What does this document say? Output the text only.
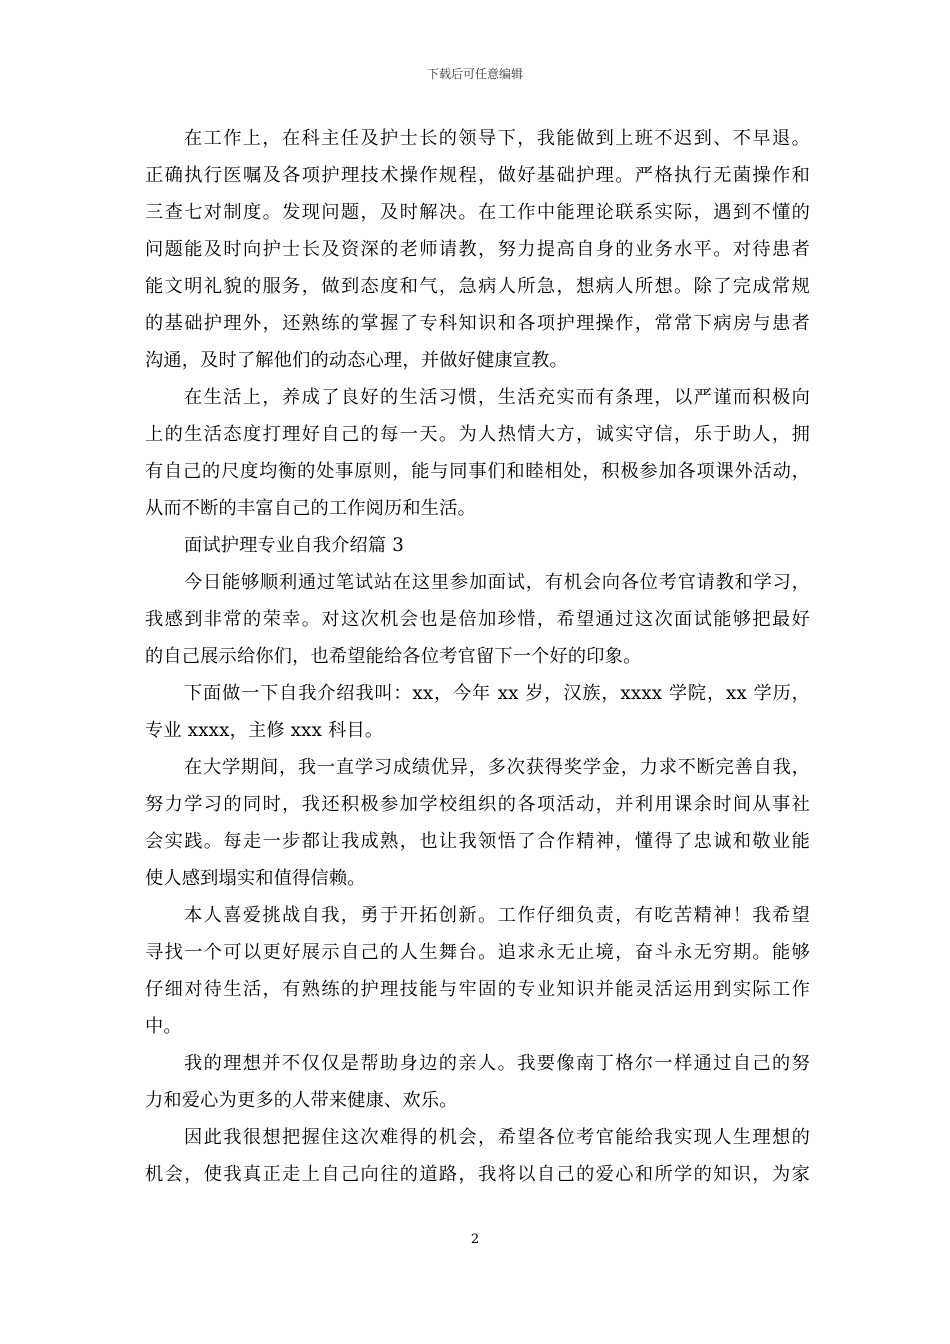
下载后可任意编辑
在工作上，在科主任及护士长的领导下，我能做到上班不迟到、不早退。
正确执行医嘱及各项护理技术操作规程，做好基础护理。严格执行无菌操作和
三查七对制度。发现问题，及时解决。在工作中能理论联系实际，遇到不懂的
问题能及时向护士长及资深的老师请教，努力提高自身的业务水平。对待患者
能文明礼貌的服务，做到态度和气，急病人所急，想病人所想。除了完成常规
的基础护理外，还熟练的掌握了专科知识和各项护理操作，常常下病房与患者
沟通，及时了解他们的动态心理，并做好健康宣教。
在生活上，养成了良好的生活习惯，生活充实而有条理，以严谨而积极向
上的生活态度打理好自己的每一天。为人热情大方，诚实守信，乐于助人，拥
有自己的尺度均衡的处事原则，能与同事们和睦相处，积极参加各项课外活动，
从而不断的丰富自己的工作阅历和生活。
面试护理专业自我介绍篇 3
今日能够顺利通过笔试站在这里参加面试，有机会向各位考官请教和学习，
我感到非常的荣幸。对这次机会也是倍加珍惜，希望通过这次面试能够把最好
的自己展示给你们，也希望能给各位考官留下一个好的印象。
下面做一下自我介绍我叫：xx，今年 xx 岁，汉族，xxxx 学院，xx 学历，
专业 xxxx，主修 xxx 科目。
在大学期间，我一直学习成绩优异，多次获得奖学金，力求不断完善自我，
努力学习的同时，我还积极参加学校组织的各项活动，并利用课余时间从事社
会实践。每走一步都让我成熟，也让我领悟了合作精神，懂得了忠诚和敬业能
使人感到塌实和值得信赖。
本人喜爱挑战自我，勇于开拓创新。工作仔细负责，有吃苦精神！我希望
寻找一个可以更好展示自己的人生舞台。追求永无止境，奋斗永无穷期。能够
仔细对待生活，有熟练的护理技能与牢固的专业知识并能灵活运用到实际工作
中。
我的理想并不仅仅是帮助身边的亲人。我要像南丁格尔一样通过自己的努
力和爱心为更多的人带来健康、欢乐。
因此我很想把握住这次难得的机会，希望各位考官能给我实现人生理想的
机会，使我真正走上自己向往的道路，我将以自己的爱心和所学的知识，为家
2
